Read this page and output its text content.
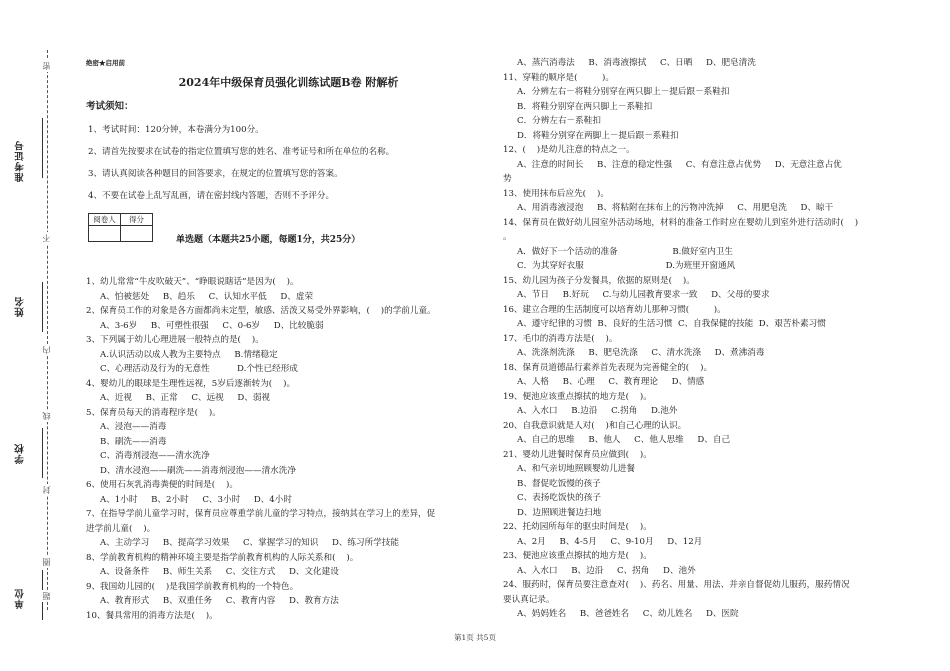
准考证号
姓名
学校
单位
密
不
内
线
封
圈
题
绝密★启用前
2024年中级保育员强化训练试题B卷 附解析
考试须知：
1、考试时间：120分钟，本卷满分为100分。
2、请首先按要求在试卷的指定位置填写您的姓名、准考证号和所在单位的名称。
3、请认真阅读各种题目的回答要求，在规定的位置填写您的答案。
4、不要在试卷上乱写乱画，请在密封线内答题，否则不予评分。
阅卷人	得分

单选题（本题共25小题，每题1分，共25分）
1、幼儿常常“牛皮吹破天”、“睁眼说瞎话”是因为(    )。
A、怕被惩处     B、趋乐     C、认知水平低     D、虚荣
2、保育员工作的对象是各方面都尚未定型，敏感、活泼又易受外界影响，(    )的学前儿童。
A、3-6岁     B、可塑性很强     C、0-6岁     D、比较脆弱
3、下列属于幼儿心理进展一般特点的是(    )。
A.认识活动以成人教为主要特点     B.情绪稳定
C、心理活动及行为的无意性          D.个性已经形成
4、婴幼儿的眼球是生理性远视，5岁后逐渐转为(    )。
A、近视     B、正常     C、远视     D、弱视
5、保育员每天的消毒程序是(    )。
A、浸泡——消毒
B、刷洗——消毒
C、消毒剂浸泡——清水洗净
D、清水浸泡——刷洗——消毒剂浸泡——清水洗净
6、使用石灰乳消毒粪便的时间是(    )。
A、1小时     B、2小时     C、3小时     D、4小时
7、在指导学前儿童学习时，保育员应尊重学前儿童的学习特点，接纳其在学习上的差异，促
进学前儿童(    )。
A、主动学习     B、提高学习效果     C、掌握学习的知识     D、练习所学技能
8、学前教育机构的精神环境主要是指学前教育机构的人际关系和(    )。
A、设备条件     B、师生关系     C、交往方式     D、文化建设
9、我国幼儿园的(    )是我国学前教育机构的一个特色。
A、教育形式     B、双重任务     C、教育内容     D、教育方法
10、餐具常用的消毒方法是(    )。
A、蒸汽消毒法     B、消毒液擦拭     C、日晒     D、肥皂清洗
11、穿鞋的顺序是(         )。
A．分辨左右－将鞋分别穿在两只脚上－提后跟－系鞋扣
B．将鞋分别穿在两只脚上－系鞋扣
C．分辨左右－系鞋扣
D．将鞋分别穿在两脚上－提后跟－系鞋扣
12、(    )是幼儿注意的特点之一。
A、注意的时间长     B、注意的稳定性强     C、有意注意占优势     D、无意注意占优
势
13、使用抹布后应先(    )。
A、用消毒液浸泡     B、将粘附在抹布上的污物冲洗掉     C、用肥皂洗     D、晾干
14、保育员在做好幼儿园室外活动场地，材料的准备工作时应在婴幼儿到室外进行活动时(    )
。
A．做好下一个活动的准备                    B.做好室内卫生
C．为其穿好衣服                              D.为班里开窗通风
15、幼儿园为孩子分发餐具，依据的原则是(    )。
A、节日     B.好玩     C.与幼儿园教育要求一致     D、父母的要求
16、建立合理的生活制度可以培育幼儿那种习惯(         )。
A、遵守纪律的习惯  B、良好的生活习惯  C、自我保健的技能  D、艰苦朴素习惯
17、毛巾的消毒方法是(    )。
A、洗涤剂洗涤     B、肥皂洗涤     C、清水洗涤     D、煮沸消毒
18、保育员道德品行素养首先表现为完善健全的(    )。
A、人格     B、心理     C、教育理论     D、情感
19、便池应该重点擦拭的地方是(    )。
A、入水口     B.边沿     C.拐角     D.池外
20、自我意识就是人对(    )和自己心理的认识。
A、自己的思维     B、他人     C、他人思维     D、自己
21、婴幼儿进餐时保育员应做到(    )。
A、和气亲切地照顾婴幼儿进餐
B、督促吃饭慢的孩子
C、表扬吃饭快的孩子
D、边照顾进餐边扫地
22、托幼园所每年的驱虫时间是(    )。
A、2月     B、4-5月     C、9-10月     D、12月
23、便池应该重点擦拭的地方是(    )。
A、入水口     B、边沿     C、拐角     D、池外
24、服药时，保育员要注意查对(    )、药名、用量、用法、并亲自督促幼儿服药，服药情况
要认真记录。
A、妈妈姓名     B、爸爸姓名     C、幼儿姓名     D、医院
第1页 共5页
